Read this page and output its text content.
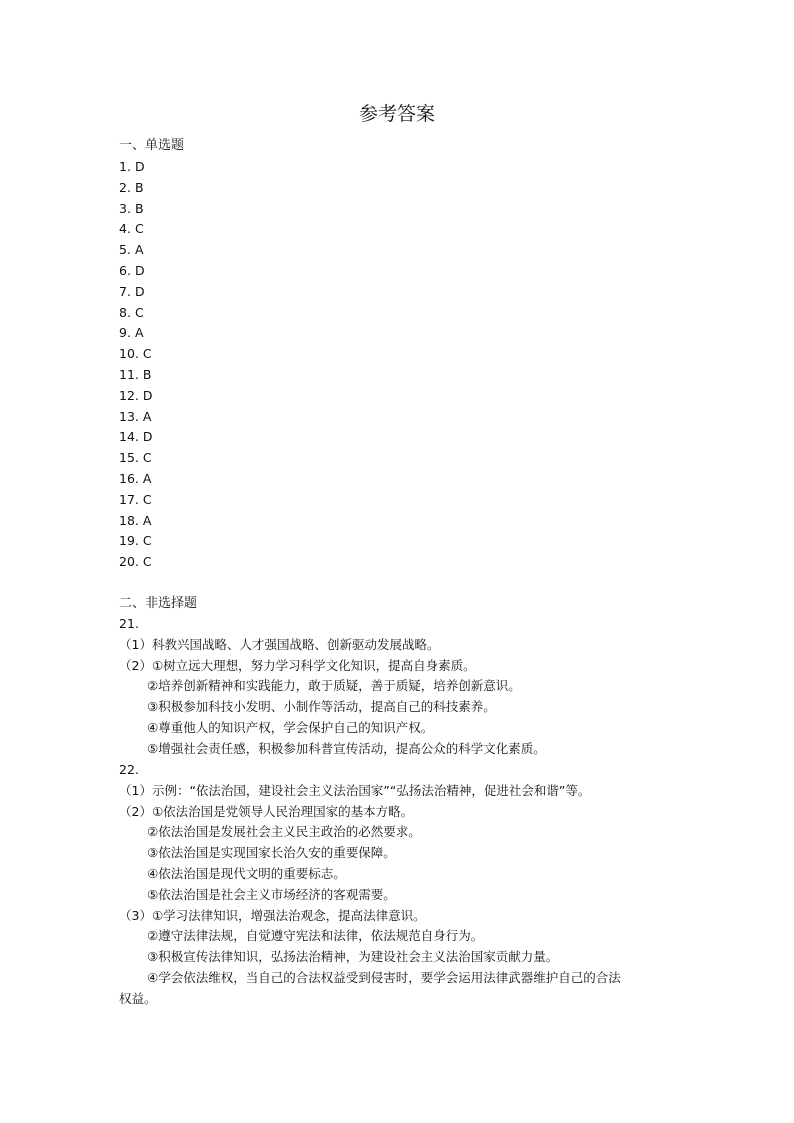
参考答案
一、单选题
1. D
2. B
3. B
4. C
5. A
6. D
7. D
8. C
9. A
10. C
11. B
12. D
13. A
14. D
15. C
16. A
17. C
18. A
19. C
20. C
二、非选择题
21.
（1）科教兴国战略、人才强国战略、创新驱动发展战略。
（2）①树立远大理想，努力学习科学文化知识，提高自身素质。
②培养创新精神和实践能力，敢于质疑，善于质疑，培养创新意识。
③积极参加科技小发明、小制作等活动，提高自己的科技素养。
④尊重他人的知识产权，学会保护自己的知识产权。
⑤增强社会责任感，积极参加科普宣传活动，提高公众的科学文化素质。
22.
（1）示例：“依法治国，建设社会主义法治国家”“弘扬法治精神，促进社会和谐”等。
（2）①依法治国是党领导人民治理国家的基本方略。
②依法治国是发展社会主义民主政治的必然要求。
③依法治国是实现国家长治久安的重要保障。
④依法治国是现代文明的重要标志。
⑤依法治国是社会主义市场经济的客观需要。
（3）①学习法律知识，增强法治观念，提高法律意识。
②遵守法律法规，自觉遵守宪法和法律，依法规范自身行为。
③积极宣传法律知识，弘扬法治精神，为建设社会主义法治国家贡献力量。
④学会依法维权，当自己的合法权益受到侵害时，要学会运用法律武器维护自己的合法
权益。
